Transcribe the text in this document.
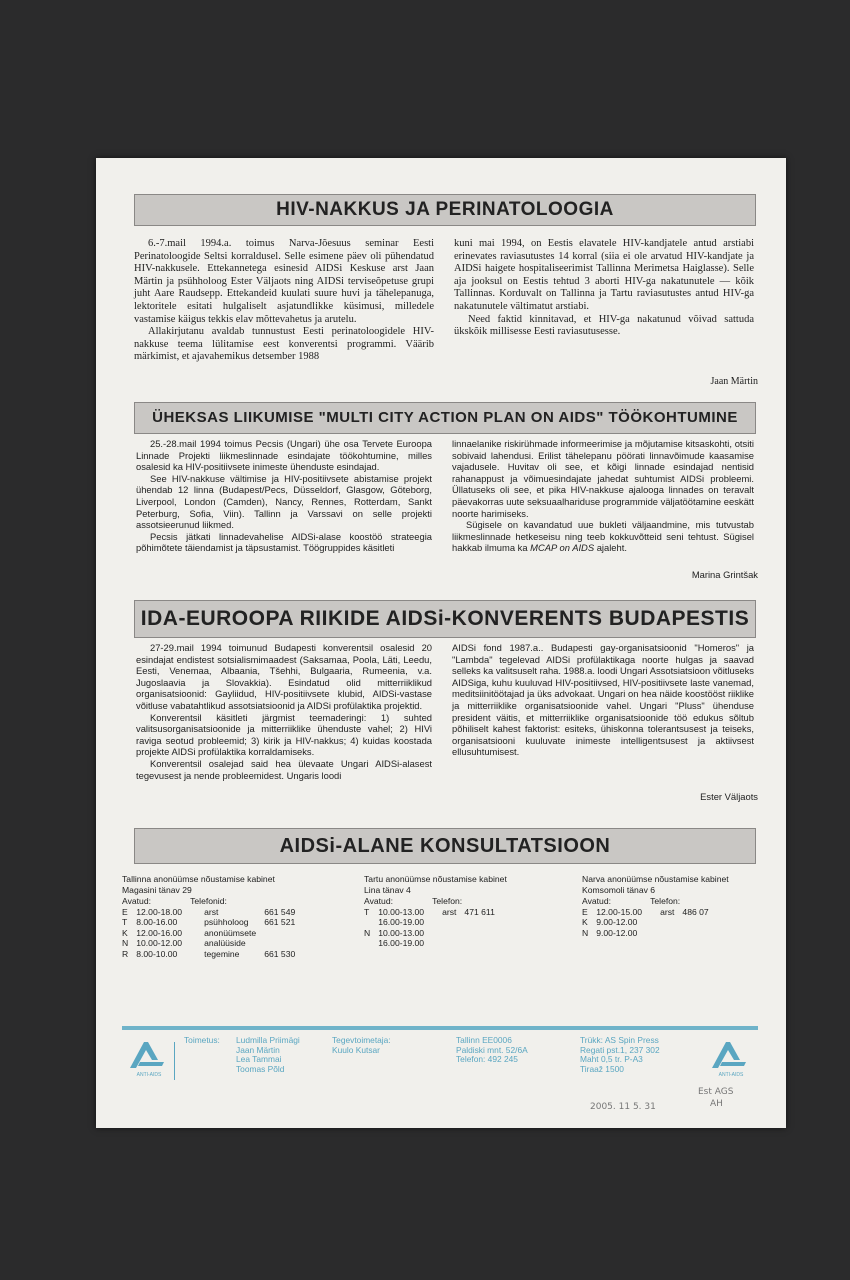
HIV-NAKKUS JA PERINATOLOOGIA

6.-7.mail 1994.a. toimus Narva-Jõesuus seminar Eesti Perinatoloogide Seltsi korraldusel. Selle esimene päev oli pühendatud HIV-nakkusele. Ettekannetega esinesid AIDSi Keskuse arst Jaan Märtin ja psühholoog Ester Väljaots ning AIDSi terviseõpetuse grupi juht Aare Raudsepp. Ettekandeid kuulati suure huvi ja tähelepanuga, lektoritele esitati hulgaliselt asjatundlikke küsimusi, milledele vastamise käigus tekkis elav mõttevahetus ja arutelu.

Allakirjutanu avaldab tunnustust Eesti perinatoloogidele HIV-nakkuse teema lülitamise eest konverentsi programmi. Väärib märkimist, et ajavahemikus detsember 1988

kuni mai 1994, on Eestis elavatele HIV-kandjatele antud arstiabi erinevates raviasutustes 14 korral (siia ei ole arvatud HIV-kandjate ja AIDSi haigete hospitaliseerimist Tallinna Merimetsa Haiglasse). Selle aja jooksul on Eestis tehtud 3 aborti HIV-ga nakatunutele — kõik Tallinnas. Korduvalt on Tallinna ja Tartu raviasutustes antud HIV-ga nakatunutele vältimatut arstiabi.

Need faktid kinnitavad, et HIV-ga nakatunud võivad sattuda ükskõik millisesse Eesti raviasutusesse.

Jaan Märtin
ÜHEKSAS LIIKUMISE "MULTI CITY ACTION PLAN ON AIDS" TÖÖKOHTUMINE

25.-28.mail 1994 toimus Pecsis (Ungari) ühe osa Tervete Euroopa Linnade Projekti liikmeslinnade esindajate töökohtumine, milles osalesid ka HIV-positiivsete inimeste ühenduste esindajad.

See HIV-nakkuse vältimise ja HIV-positiivsete abistamise projekt ühendab 12 linna (Budapest/Pecs, Düsseldorf, Glasgow, Göteborg, Liverpool, London (Camden), Nancy, Rennes, Rotterdam, Sankt Peterburg, Sofia, Viin). Tallinn ja Varssavi on selle projekti assotsieerunud liikmed.

Pecsis jätkati linnadevahelise AIDSi-alase koostöö strateegia põhimõtete täiendamist ja täpsustamist. Töögruppides käsitleti

linnaelanike riskirühmade informeerimise ja mõjutamise kitsaskohti, otsiti sobivaid lahendusi. Erilist tähelepanu pöörati linnavõimude kaasamise vajadusele. Huvitav oli see, et kõigi linnade esindajad nentisid rahanappust ja võimuesindajate jahedat suhtumist AIDSi probleemi. Üllatuseks oli see, et pika HIV-nakkuse ajalooga linnades on teravalt päevakorras uute seksuaalhariduse programmide väljatöötamine eeskätt noorte harimiseks.

Sügisele on kavandatud uue bukleti väljaandmine, mis tutvustab liikmeslinnade hetkeseisu ning teeb kokkuvõtteid seni tehtust. Sügisel hakkab ilmuma ka MCAP on AIDS ajaleht.

Marina Grintšak
IDA-EUROOPA RIIKIDE AIDSi-KONVERENTS BUDAPESTIS

27-29.mail 1994 toimunud Budapesti konverentsil osalesid 20 esindajat endistest sotsialismimaadest (Saksamaa, Poola, Läti, Leedu, Eesti, Venemaa, Albaania, Tšehhi, Bulgaaria, Rumeenia, v.a. Jugoslaavia ja Slovakkia). Esindatud olid mitterriiklikud organisatsioonid: Gayliidud, HIV-positiivsete klubid, AIDSi-vastase võitluse vabatahtlikud assotsiatsioonid ja AIDSi profülaktika projektid.

Konverentsil käsitleti järgmist teemaderingi: 1) suhted valitsusorganisatsioonide ja mitterriiklike ühenduste vahel; 2) HIVi raviga seotud probleemid; 3) kirik ja HIV-nakkus; 4) kuidas koostada projekte AIDSi profülaktika korraldamiseks.

Konverentsil osalejad said hea ülevaate Ungari AIDSi-alasest tegevusest ja nende probleemidest. Ungaris loodi

AIDSi fond 1987.a.. Budapesti gay-organisatsioonid "Homeros" ja "Lambda" tegelevad AIDSi profülaktikaga noorte hulgas ja saavad selleks ka valitsuselt raha. 1988.a. loodi Ungari Assotsiatsioon võitluseks AIDSiga, kuhu kuuluvad HIV-positiivsed, HIV-positiivsete laste vanemad, meditsiinitöötajad ja üks advokaat. Ungari on hea näide koostööst riiklike ja mitterriiklike organisatsioonide vahel. Ungari "Pluss" ühenduse president väitis, et mitterriiklike organisatsioonide töö edukus sõltub põhiliselt kahest faktorist: esiteks, ühiskonna tolerantsusest ja teiseks, organisatsiooni kuuluvate inimeste intelligentsusest ja aktiivsest ellusuhtumisest.

Ester Väljaots
AIDSi-ALANE KONSULTATSIOON
Tallinna anonüümse nõustamise kabinet
Magasini tänav 29
Avatud:		Telefonid:	
E	12.00-18.00	arst	661 549
T	8.00-16.00	psühholoog	661 521
K	12.00-16.00	anonüümsete	
N	10.00-12.00	analüüside	
R	8.00-10.00	tegemine	661 530
Tartu anonüümse nõustamise kabinet
Lina tänav 4
Avatud:		Telefon:	
T	10.00-13.00	arst	471 611
	16.00-19.00		
N	10.00-13.00		
	16.00-19.00		
Narva anonüümse nõustamise kabinet
Komsomoli tänav 6
Avatud:		Telefon:	
E	12.00-15.00	arst	486 07
K	9.00-12.00		
N	9.00-12.00		
ANTI-AIDS
Toimetus: Ludmilla Priimägi
Jaan Märtin
Lea Tammai
Toomas Põld
Tegevtoimetaja:
Kuulo Kutsar
Tallinn EE0006
Paldiski mnt. 52/6A
Telefon: 492 245
Trükk: AS Spin Press
Regati pst.1, 237 302
Maht 0,5 tr. P-A3
Tiraaž 1500
ANTI-AIDS
Est AGS
AH
2005. 11 5. 31
